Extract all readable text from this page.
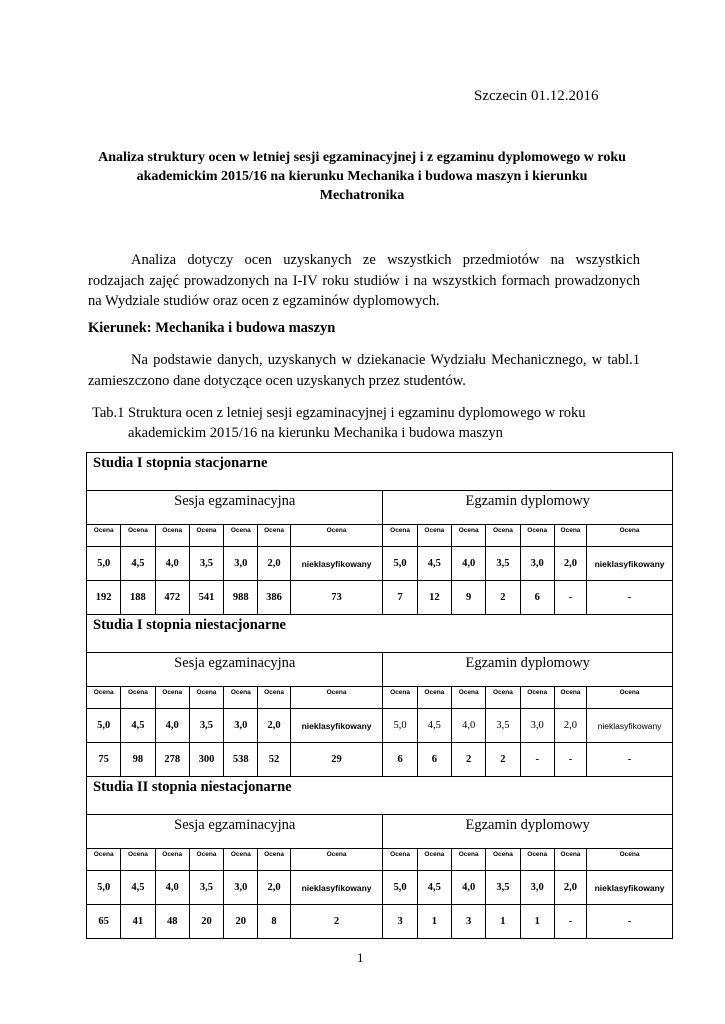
Szczecin 01.12.2016
Analiza struktury ocen w letniej sesji egzaminacyjnej i z egzaminu dyplomowego w roku
akademickim 2015/16 na kierunku Mechanika i budowa maszyn i kierunku
Mechatronika
Analiza dotyczy ocen uzyskanych ze wszystkich przedmiotów na wszystkich
rodzajach zajęć prowadzonych na I-IV roku studiów i na wszystkich formach prowadzonych
na Wydziale studiów oraz ocen z egzaminów dyplomowych.
Kierunek: Mechanika i budowa maszyn
Na podstawie danych, uzyskanych w dziekanacie Wydziału Mechanicznego, w tabl.1
zamieszczono dane dotyczące ocen uzyskanych przez studentów.
Tab.1 Struktura ocen z letniej sesji egzaminacyjnej i egzaminu dyplomowego w roku
akademickim 2015/16 na kierunku Mechanika i budowa maszyn
Studia I stopnia stacjonarne													
Sesja egzaminacyjna							Egzamin dyplomowy						
Ocena	Ocena	Ocena	Ocena	Ocena	Ocena	Ocena	Ocena	Ocena	Ocena	Ocena	Ocena	Ocena	Ocena
5,0	4,5	4,0	3,5	3,0	2,0	nieklasyfikowany	5,0	4,5	4,0	3,5	3,0	2,0	nieklasyfikowany
192	188	472	541	988	386	73	7	12	9	2	6	-	-
Studia I stopnia niestacjonarne													
Sesja egzaminacyjna							Egzamin dyplomowy						
Ocena	Ocena	Ocena	Ocena	Ocena	Ocena	Ocena	Ocena	Ocena	Ocena	Ocena	Ocena	Ocena	Ocena
5,0	4,5	4,0	3,5	3,0	2,0	nieklasyfikowany	5,0	4,5	4,0	3,5	3,0	2,0	nieklasyfikowany
75	98	278	300	538	52	29	6	6	2	2	-	-	-
Studia II stopnia niestacjonarne													
Sesja egzaminacyjna							Egzamin dyplomowy						
Ocena	Ocena	Ocena	Ocena	Ocena	Ocena	Ocena	Ocena	Ocena	Ocena	Ocena	Ocena	Ocena	Ocena
5,0	4,5	4,0	3,5	3,0	2,0	nieklasyfikowany	5,0	4,5	4,0	3,5	3,0	2,0	nieklasyfikowany
65	41	48	20	20	8	2	3	1	3	1	1	-	-
1
